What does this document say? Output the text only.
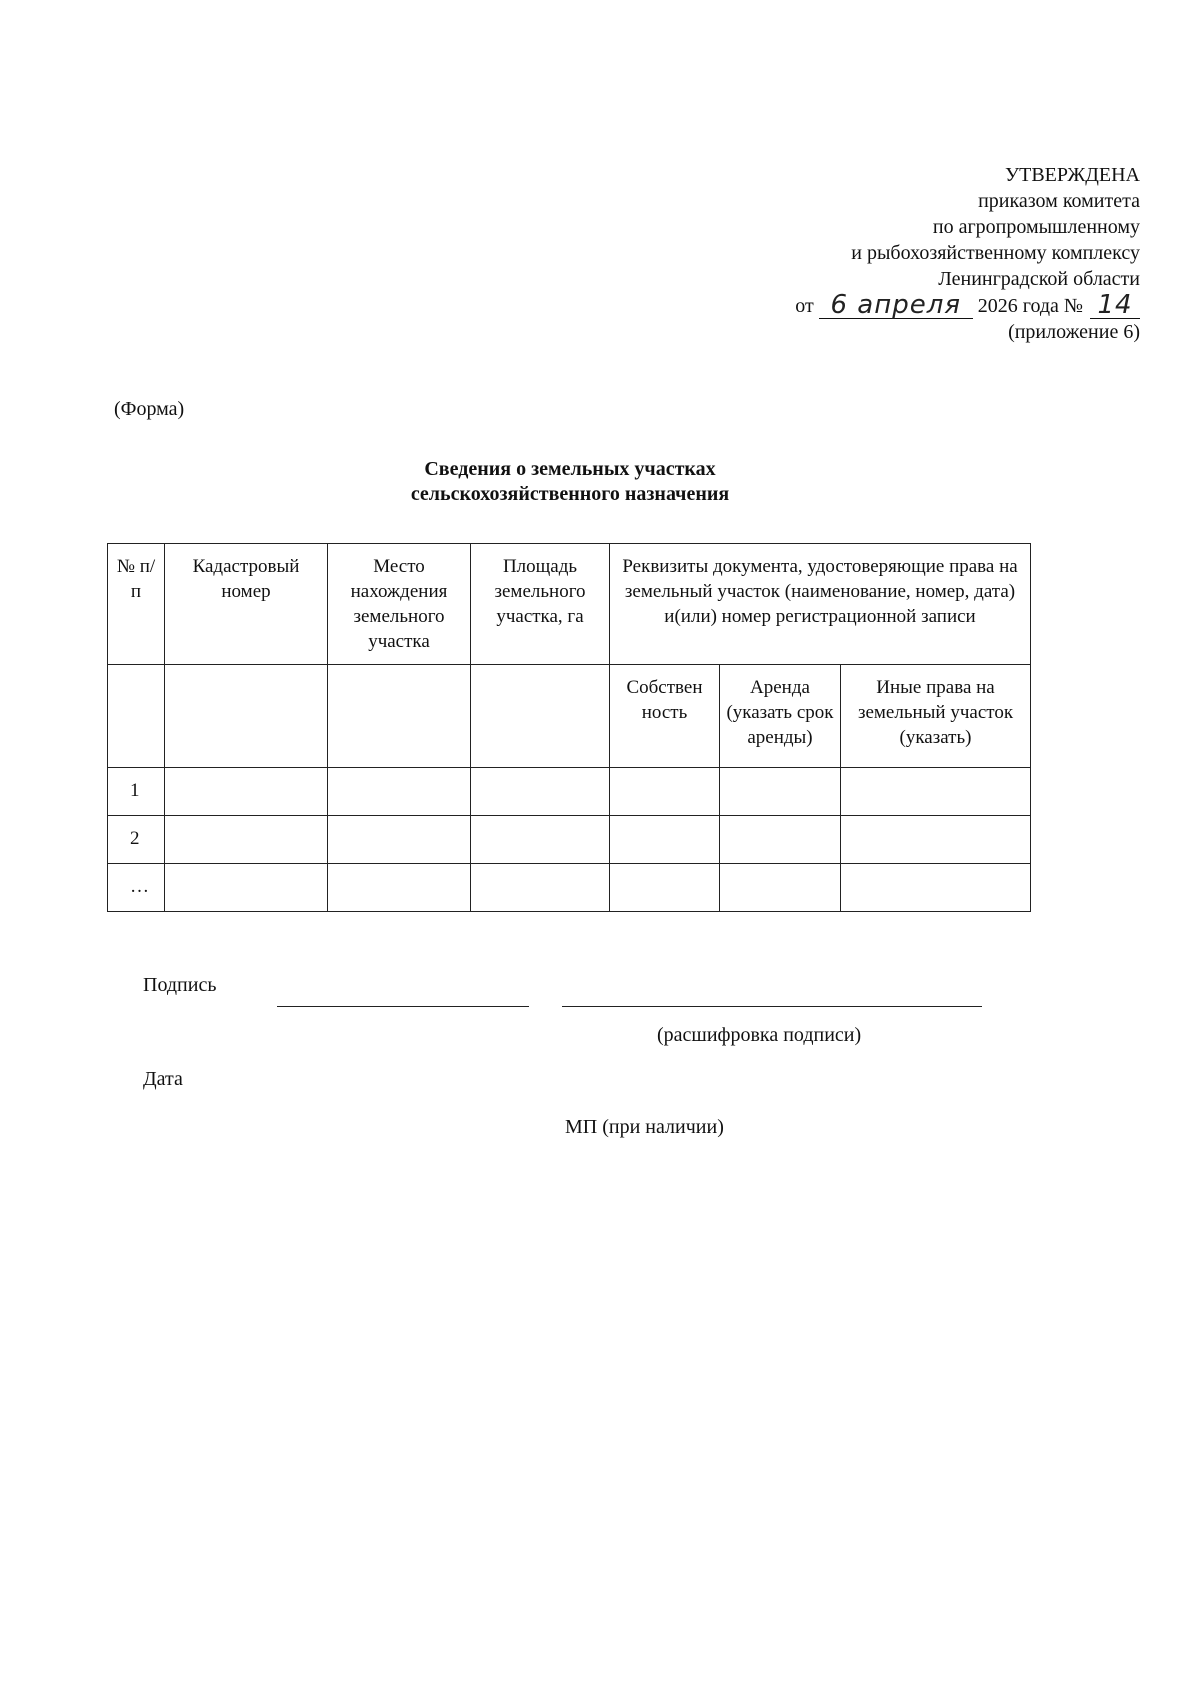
УТВЕРЖДЕНА
приказом комитета
по агропромышленному
и рыбохозяйственному комплексу
Ленинградской области
от 6 апреля 2026 года № 14
(приложение 6)
(Форма)
Сведения о земельных участках
сельскохозяйственного назначения
№ п/п	Кадастровый номер	Место нахождения земельного участка	Площадь земельного участка, га	Реквизиты документа, удостоверяющие права на земельный участок (наименование, номер, дата) и(или) номер регистрационной записи		
				Собствен ность	Аренда (указать срок аренды)	Иные права на земельный участок (указать)
1						
2						
…						
Подпись
(расшифровка подписи)
Дата
МП (при наличии)
